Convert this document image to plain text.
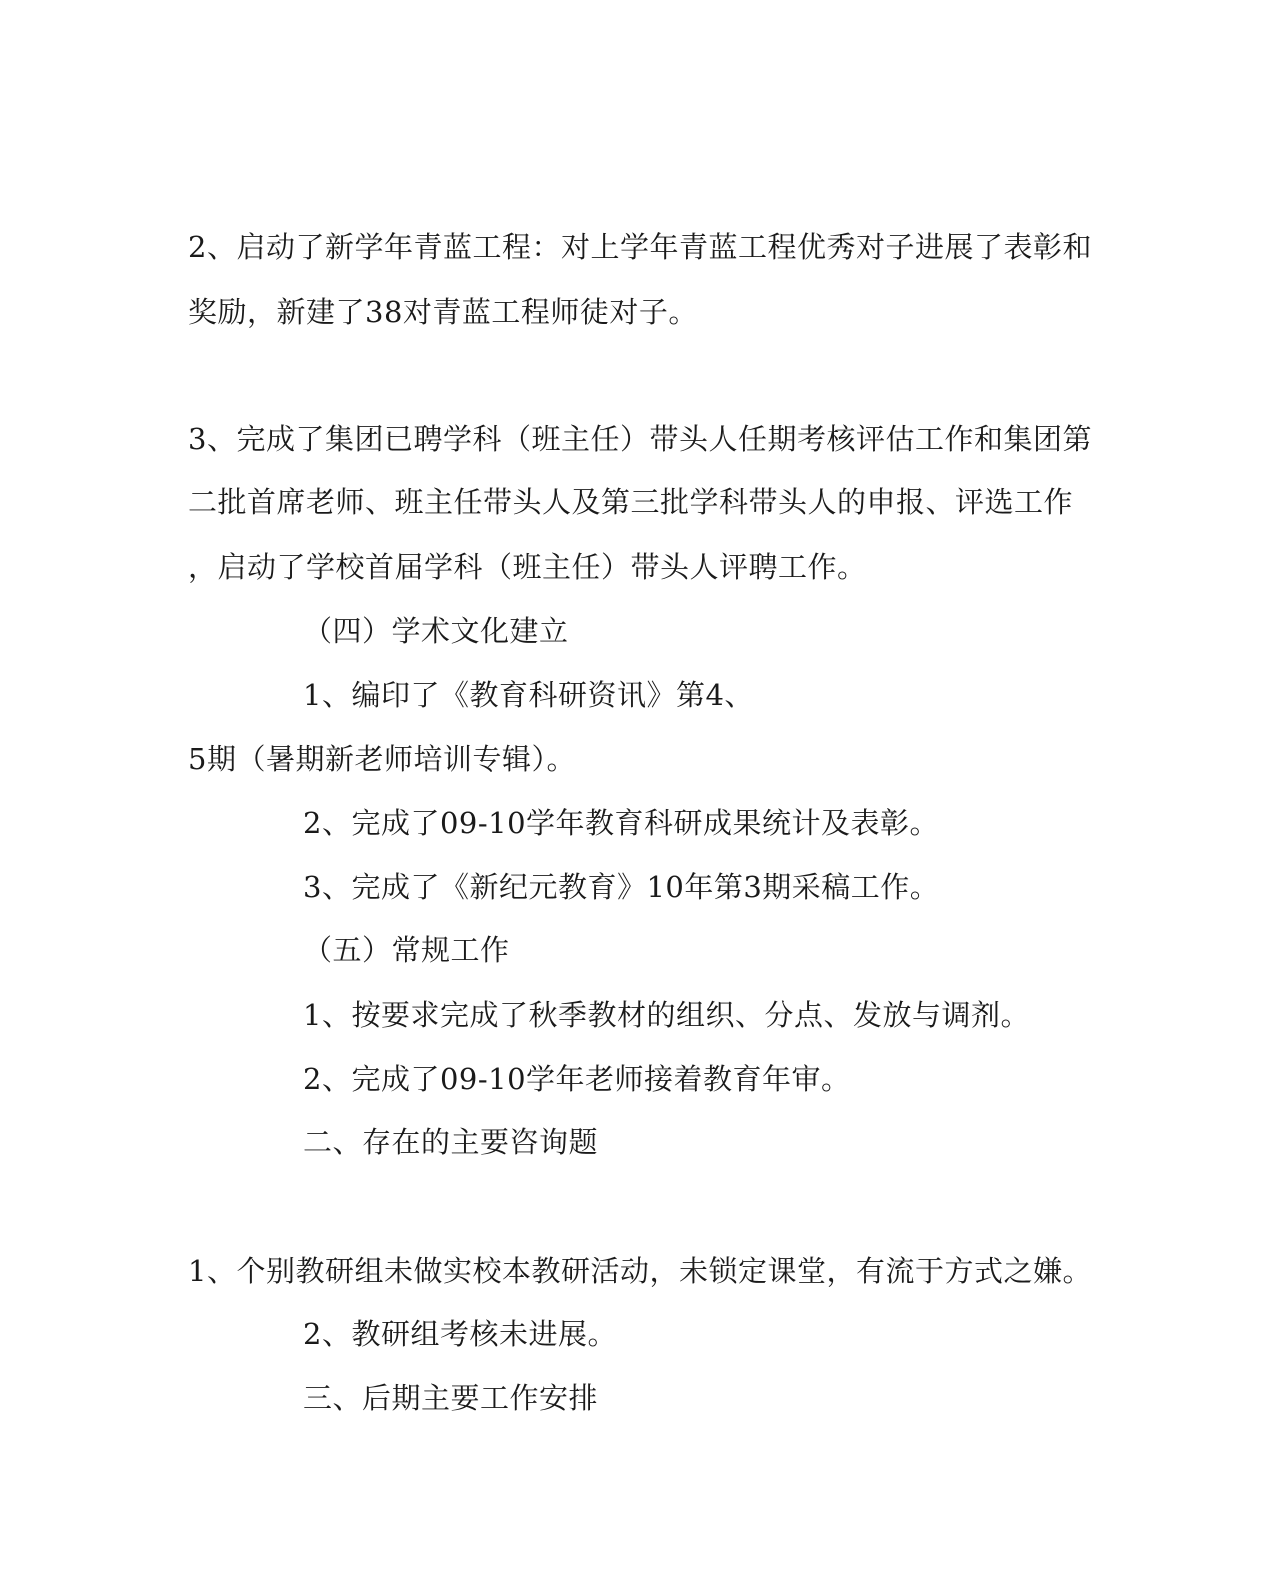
2、启动了新学年青蓝工程：对上学年青蓝工程优秀对子进展了表彰和
奖励，新建了38对青蓝工程师徒对子。
3、完成了集团已聘学科（班主任）带头人任期考核评估工作和集团第
二批首席老师、班主任带头人及第三批学科带头人的申报、评选工作
，启动了学校首届学科（班主任）带头人评聘工作。
（四）学术文化建立
1、编印了《教育科研资讯》第4、
5期（暑期新老师培训专辑）。
2、完成了09-10学年教育科研成果统计及表彰。
3、完成了《新纪元教育》10年第3期采稿工作。
（五）常规工作
1、按要求完成了秋季教材的组织、分点、发放与调剂。
2、完成了09-10学年老师接着教育年审。
二、存在的主要咨询题
1、个别教研组未做实校本教研活动，未锁定课堂，有流于方式之嫌。
2、教研组考核未进展。
三、后期主要工作安排
